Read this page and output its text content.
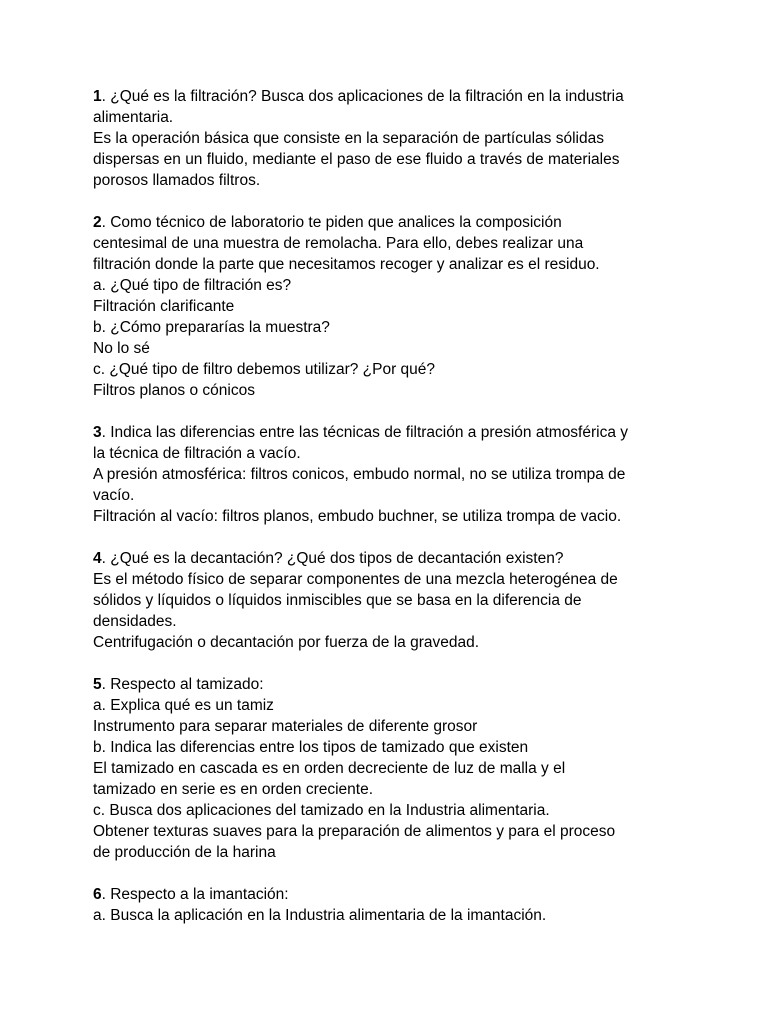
1. ¿Qué es la filtración? Busca dos aplicaciones de la filtración en la industria

alimentaria.

Es la operación básica que consiste en la separación de partículas sólidas

dispersas en un fluido, mediante el paso de ese fluido a través de materiales

porosos llamados filtros.

2. Como técnico de laboratorio te piden que analices la composición

centesimal de una muestra de remolacha. Para ello, debes realizar una

filtración donde la parte que necesitamos recoger y analizar es el residuo.

a. ¿Qué tipo de filtración es?

Filtración clarificante

b. ¿Cómo prepararías la muestra?

No lo sé

c. ¿Qué tipo de filtro debemos utilizar? ¿Por qué?

Filtros planos o cónicos

3. Indica las diferencias entre las técnicas de filtración a presión atmosférica y

la técnica de filtración a vacío.

A presión atmosférica: filtros conicos, embudo normal, no se utiliza trompa de

vacío.

Filtración al vacío: filtros planos, embudo buchner, se utiliza trompa de vacio.

4. ¿Qué es la decantación? ¿Qué dos tipos de decantación existen?

Es el método físico de separar componentes de una mezcla heterogénea de

sólidos y líquidos o líquidos inmiscibles que se basa en la diferencia de

densidades.

Centrifugación o decantación por fuerza de la gravedad.

5. Respecto al tamizado:

a. Explica qué es un tamiz

Instrumento para separar materiales de diferente grosor

b. Indica las diferencias entre los tipos de tamizado que existen

El tamizado en cascada es en orden decreciente de luz de malla y el

tamizado en serie es en orden creciente.

c. Busca dos aplicaciones del tamizado en la Industria alimentaria.

Obtener texturas suaves para la preparación de alimentos y para el proceso

de producción de la harina

6. Respecto a la imantación:

a. Busca la aplicación en la Industria alimentaria de la imantación.
